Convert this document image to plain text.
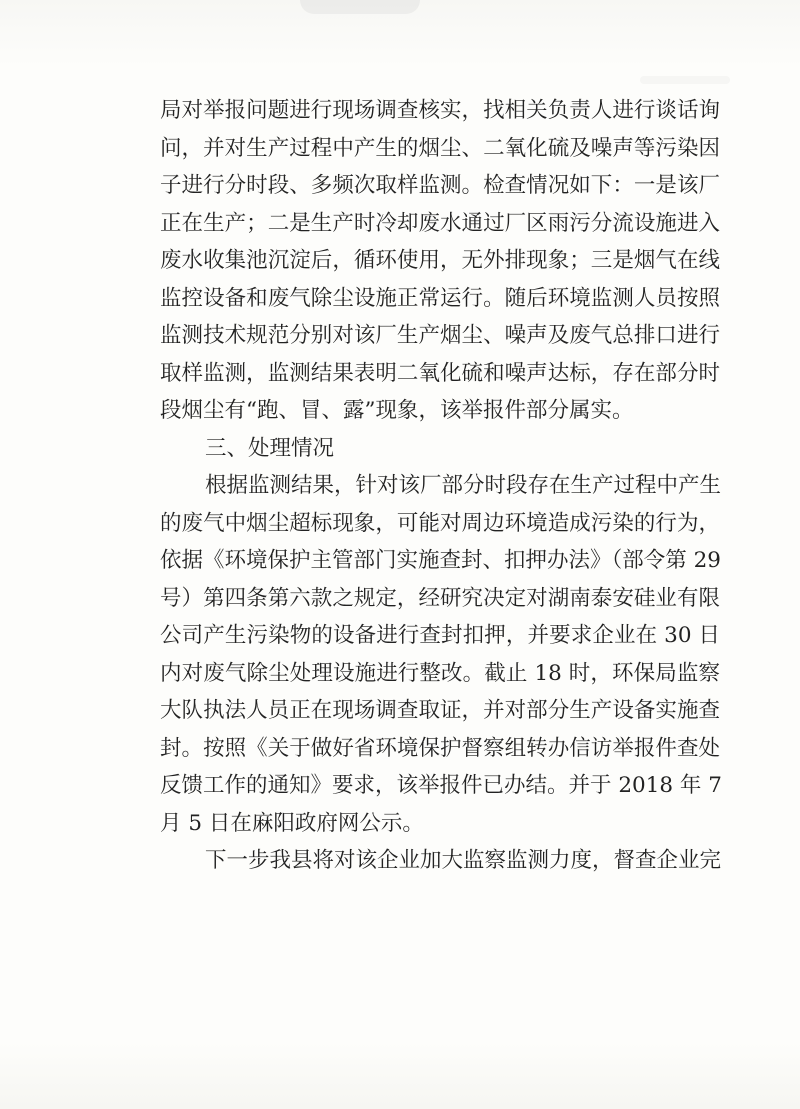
局对举报问题进行现场调查核实，找相关负责人进行谈话询
问，并对生产过程中产生的烟尘、二氧化硫及噪声等污染因
子进行分时段、多频次取样监测。检查情况如下：一是该厂
正在生产；二是生产时冷却废水通过厂区雨污分流设施进入
废水收集池沉淀后，循环使用，无外排现象；三是烟气在线
监控设备和废气除尘设施正常运行。随后环境监测人员按照
监测技术规范分别对该厂生产烟尘、噪声及废气总排口进行
取样监测，监测结果表明二氧化硫和噪声达标，存在部分时
段烟尘有“跑、冒、露”现象，该举报件部分属实。
三、处理情况
根据监测结果，针对该厂部分时段存在生产过程中产生
的废气中烟尘超标现象，可能对周边环境造成污染的行为，
依据《环境保护主管部门实施查封、扣押办法》（部令第 29
号）第四条第六款之规定，经研究决定对湖南泰安硅业有限
公司产生污染物的设备进行查封扣押，并要求企业在 30 日
内对废气除尘处理设施进行整改。截止 18 时，环保局监察
大队执法人员正在现场调查取证，并对部分生产设备实施查
封。按照《关于做好省环境保护督察组转办信访举报件查处
反馈工作的通知》要求，该举报件已办结。并于 2018 年 7
月 5 日在麻阳政府网公示。
下一步我县将对该企业加大监察监测力度，督查企业完
